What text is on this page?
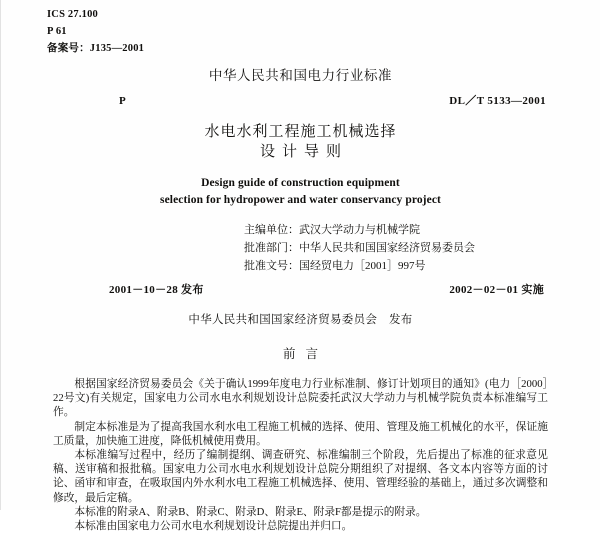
ICS 27.100
P 61
备案号：J135—2001
中华人民共和国电力行业标准
P	DL／T 5133—2001
水电水利工程施工机械选择
设计导则
Design guide of construction equipment
selection for hydropower and water conservancy project
主编单位：武汉大学动力与机械学院
批准部门：中华人民共和国国家经济贸易委员会
批准文号：国经贸电力［2001］997号
2001－10－28 发布	2002－02－01 实施
中华人民共和国国家经济贸易委员会　发布
前言

根据国家经济贸易委员会《关于确认1999年度电力行业标准制、修订计划项目的通知》(电力［2000］22号文)有关规定，国家电力公司水电水利规划设计总院委托武汉大学动力与机械学院负责本标准编写工作。

制定本标准是为了提高我国水利水电工程施工机械的选择、使用、管理及施工机械化的水平，保证施工质量，加快施工进度，降低机械使用费用。

本标准编写过程中，经历了编制提纲、调查研究、标准编制三个阶段，先后提出了标准的征求意见稿、送审稿和报批稿。国家电力公司水电水利规划设计总院分期组织了对提纲、各文本内容等方面的讨论、函审和审查，在吸取国内外水利水电工程施工机械选择、使用、管理经验的基础上，通过多次调整和修改，最后定稿。

本标准的附录A、附录B、附录C、附录D、附录E、附录F都是提示的附录。

本标准由国家电力公司水电水利规划设计总院提出并归口。
